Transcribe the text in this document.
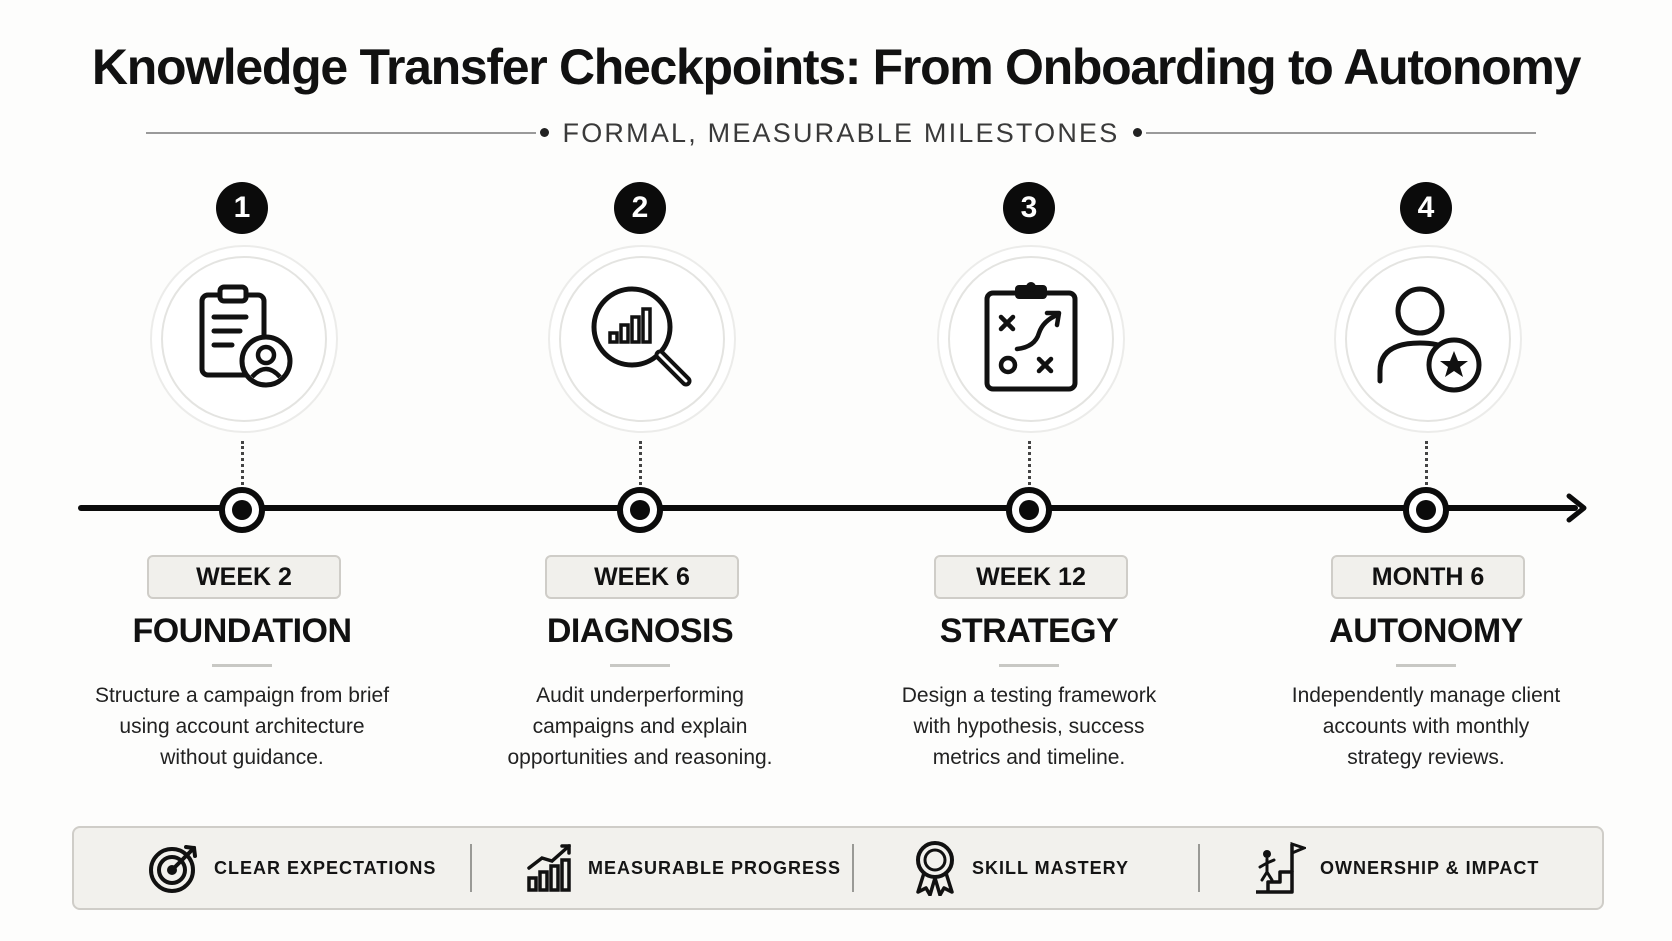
Knowledge Transfer Checkpoints: From Onboarding to Autonomy
FORMAL, MEASURABLE MILESTONES
1
WEEK 2
FOUNDATION
Structure a campaign from brief
using account architecture
without guidance.
2
WEEK 6
DIAGNOSIS
Audit underperforming
campaigns and explain
opportunities and reasoning.
3
WEEK 12
STRATEGY
Design a testing framework
with hypothesis, success
metrics and timeline.
4
MONTH 6
AUTONOMY
Independently manage client
accounts with monthly
strategy reviews.
CLEAR EXPECTATIONS	MEASURABLE PROGRESS	SKILL MASTERY	OWNERSHIP & IMPACT
